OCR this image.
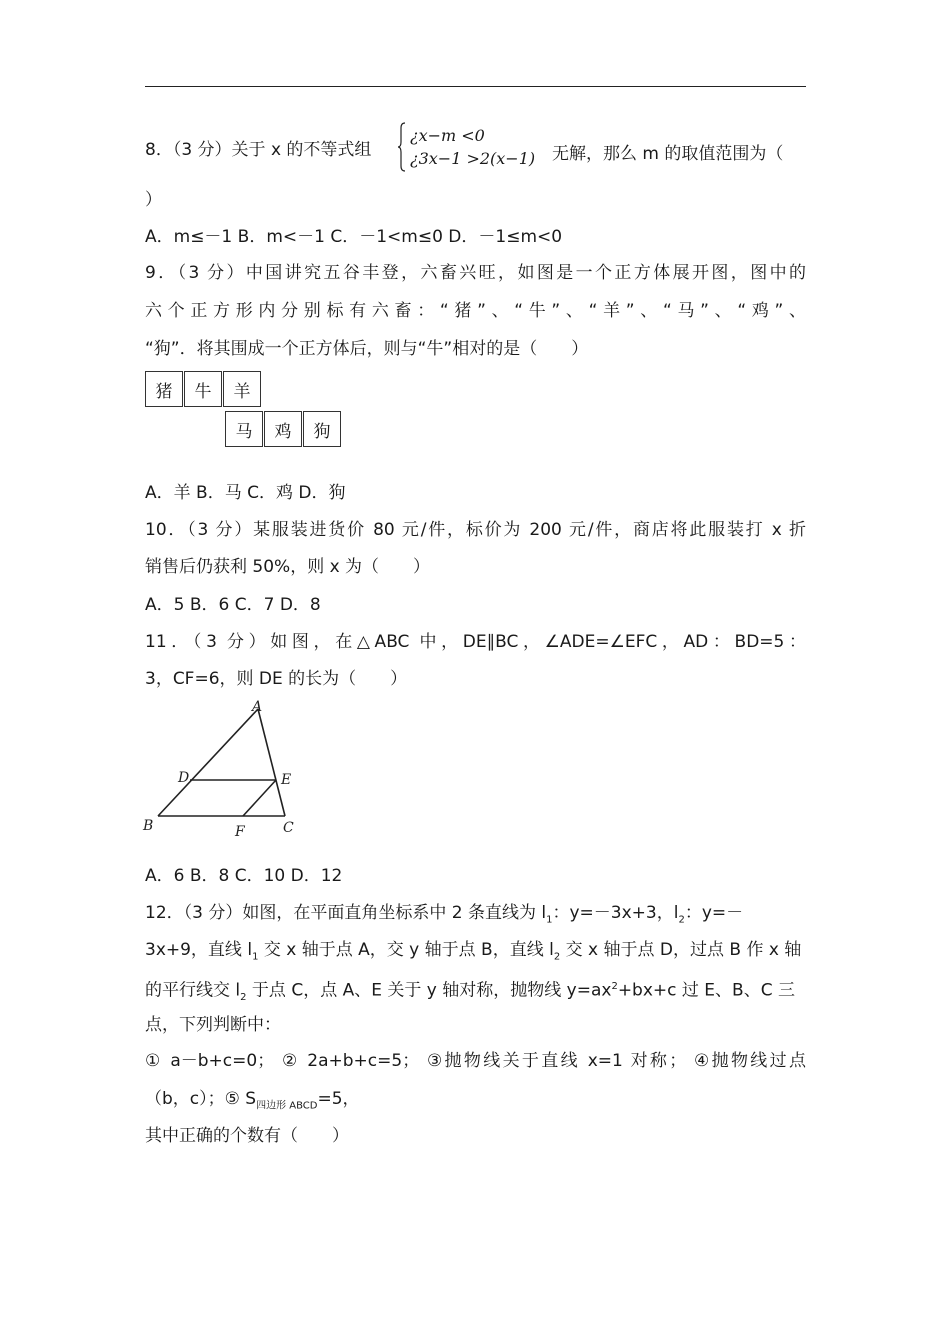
8．（3 分）关于 x 的不等式组
¿x−m <0
¿3x−1 >2(x−1) 无解，那么 m 的取值范围为（
）
A．m≤－1 B．m<－1 C．－1<m≤0 D．－1≤m<0
9．（3 分）中国讲究五谷丰登，六畜兴旺，如图是一个正方体展开图，图中的
六个正方形内分别标有六畜：“猪”、“牛”、“羊”、“马”、“鸡”、
“狗”．将其围成一个正方体后，则与“牛”相对的是（　　）
猪	牛	羊
马	鸡	狗
A．羊 B．马 C．鸡 D．狗
10．（3 分）某服装进货价 80 元/件，标价为 200 元/件，商店将此服装打 x 折
销售后仍获利 50%，则 x 为（　　）
A．5 B．6 C．7 D．8
11．（3 分）如图，在△ABC 中，DE∥BC，∠ADE=∠EFC，AD：BD=5：
3，CF=6，则 DE 的长为（　　）
A
D	E
B	F	C
A．6 B．8 C．10 D．12
12．（3 分）如图，在平面直角坐标系中 2 条直线为 $l_1$：y=－3x+3，$l_2$：y=－
3x+9，直线 $l_1$ 交 x 轴于点 A，交 y 轴于点 B，直线 $l_2$ 交 x 轴于点 D，过点 B 作 x 轴
的平行线交 $l_2$ 于点 C，点 A、E 关于 y 轴对称，抛物线 $y=ax^2+bx+c$ 过 E、B、C 三
点，下列判断中：
① a－b+c=0； ② 2a+b+c=5； ③抛物线关于直线 x=1 对称； ④抛物线过点
（b，c）；⑤ $S_{四边形 ABCD}=5$，
其中正确的个数有（　　）
